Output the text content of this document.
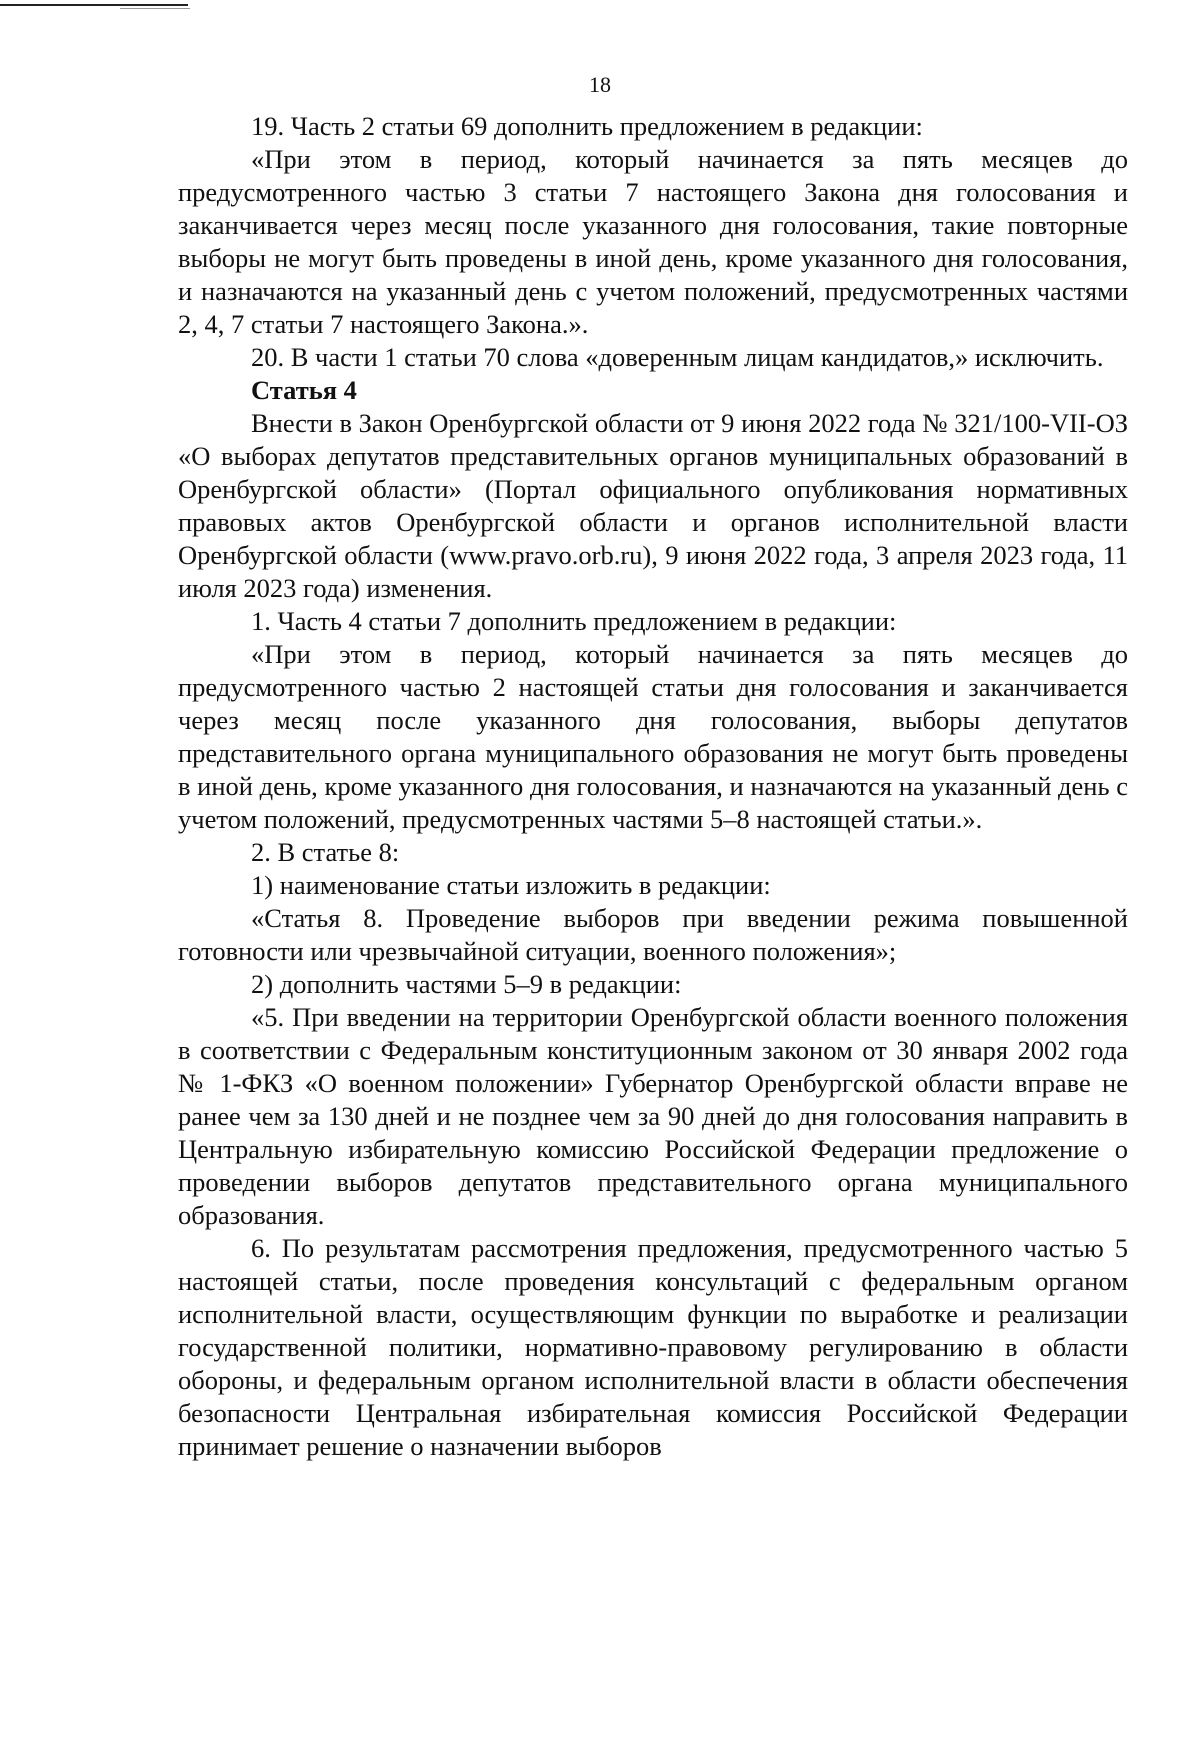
18

19. Часть 2 статьи 69 дополнить предложением в редакции:

«При этом в период, который начинается за пять месяцев до предусмотренного частью 3 статьи 7 настоящего Закона дня голосования и заканчивается через месяц после указанного дня голосования, такие повторные выборы не могут быть проведены в иной день, кроме указанного дня голосования, и назначаются на указанный день с учетом положений, предусмотренных частями 2, 4, 7 статьи 7 настоящего Закона.».

20. В части 1 статьи 70 слова «доверенным лицам кандидатов,» исключить.

Статья 4

Внести в Закон Оренбургской области от 9 июня 2022 года № 321/100-VII-ОЗ «О выборах депутатов представительных органов муниципальных образований в Оренбургской области» (Портал официального опубликования нормативных правовых актов Оренбургской области и органов исполнительной власти Оренбургской области (www.pravo.orb.ru), 9 июня 2022 года, 3 апреля 2023 года, 11 июля 2023 года) изменения.

1. Часть 4 статьи 7 дополнить предложением в редакции:

«При этом в период, который начинается за пять месяцев до предусмотренного частью 2 настоящей статьи дня голосования и заканчивается через месяц после указанного дня голосования, выборы депутатов представительного органа муниципального образования не могут быть проведены в иной день, кроме указанного дня голосования, и назначаются на указанный день с учетом положений, предусмотренных частями 5–8 настоящей статьи.».

2. В статье 8:

1) наименование статьи изложить в редакции:

«Статья 8. Проведение выборов при введении режима повышенной готовности или чрезвычайной ситуации, военного положения»;

2) дополнить частями 5–9 в редакции:

«5. При введении на территории Оренбургской области военного положения в соответствии с Федеральным конституционным законом от 30 января 2002 года № 1-ФКЗ «О военном положении» Губернатор Оренбургской области вправе не ранее чем за 130 дней и не позднее чем за 90 дней до дня голосования направить в Центральную избирательную комиссию Российской Федерации предложение о проведении выборов депутатов представительного органа муниципального образования.

6. По результатам рассмотрения предложения, предусмотренного частью 5 настоящей статьи, после проведения консультаций с федеральным органом исполнительной власти, осуществляющим функции по выработке и реализации государственной политики, нормативно-правовому регулированию в области обороны, и федеральным органом исполнительной власти в области обеспечения безопасности Центральная избирательная комиссия Российской Федерации принимает решение о назначении выборов
